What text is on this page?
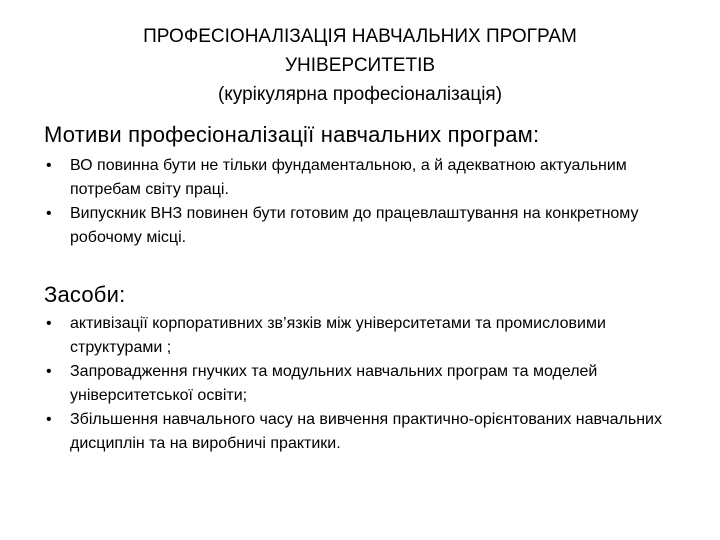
ПРОФЕСІОНАЛІЗАЦІЯ НАВЧАЛЬНИХ ПРОГРАМ
УНІВЕРСИТЕТІВ
(курікулярна професіоналізація)
Мотиви професіоналізації навчальних програм:
• ВО повинна бути не тільки фундаментальною, а й адекватною актуальним потребам світу праці.
• Випускник ВНЗ повинен бути готовим до працевлаштування на конкретному робочому місці.
Засоби:
• активізації корпоративних зв’язків між університетами та промисловими структурами ;
• Запровадження гнучких та модульних навчальних програм та моделей університетської освіти;
• Збільшення навчального часу на вивчення практично-орієнтованих навчальних дисциплін та на виробничі практики.
